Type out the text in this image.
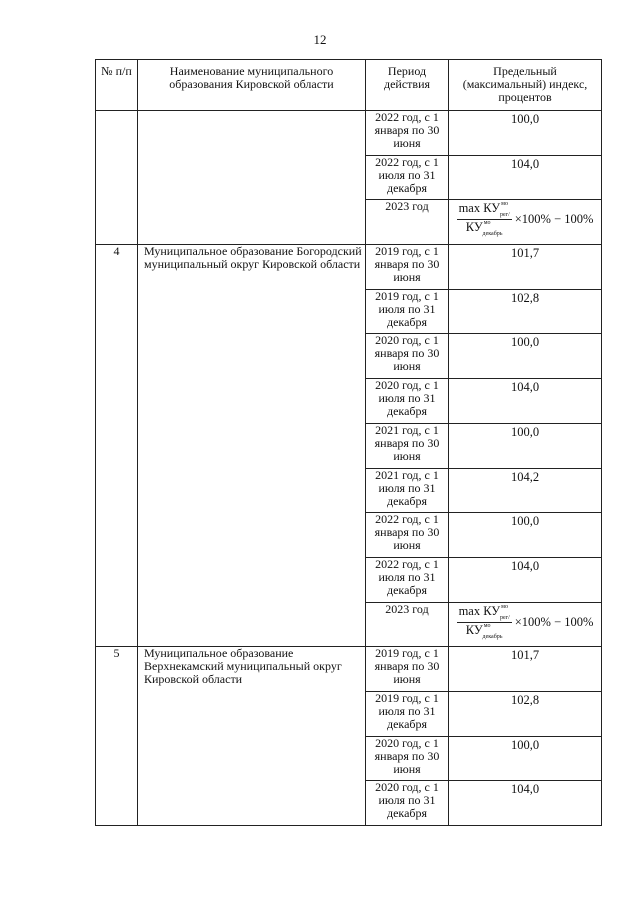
12
№ п/п	Наименование муниципального образования Кировской области	Период действия	Предельный (максимальный) индекс, процентов
		2022 год, с 1 января по 30 июня	100,0
		2022 год, с 1 июля по 31 декабря	104,0
		2023 год	$\frac{\max КУ^{мо}_{рег/}}{КУ^{мо}_{декабрь}} \times 100\% - 100\%$

4	Муниципальное образование Богородский муниципальный округ Кировской области	2019 год, с 1 января по 30 июня	101,7
		2019 год, с 1 июля по 31 декабря	102,8
		2020 год, с 1 января по 30 июня	100,0
		2020 год, с 1 июля по 31 декабря	104,0
		2021 год, с 1 января по 30 июня	100,0
		2021 год, с 1 июля по 31 декабря	104,2
		2022 год, с 1 января по 30 июня	100,0
		2022 год, с 1 июля по 31 декабря	104,0
		2023 год	$\frac{\max КУ^{мо}_{рег/}}{КУ^{мо}_{декабрь}} \times 100\% - 100\%$

5	Муниципальное образование Верхнекамский муниципальный округ Кировской области	2019 год, с 1 января по 30 июня	101,7
		2019 год, с 1 июля по 31 декабря	102,8
		2020 год, с 1 января по 30 июня	100,0
		2020 год, с 1 июля по 31 декабря	104,0
